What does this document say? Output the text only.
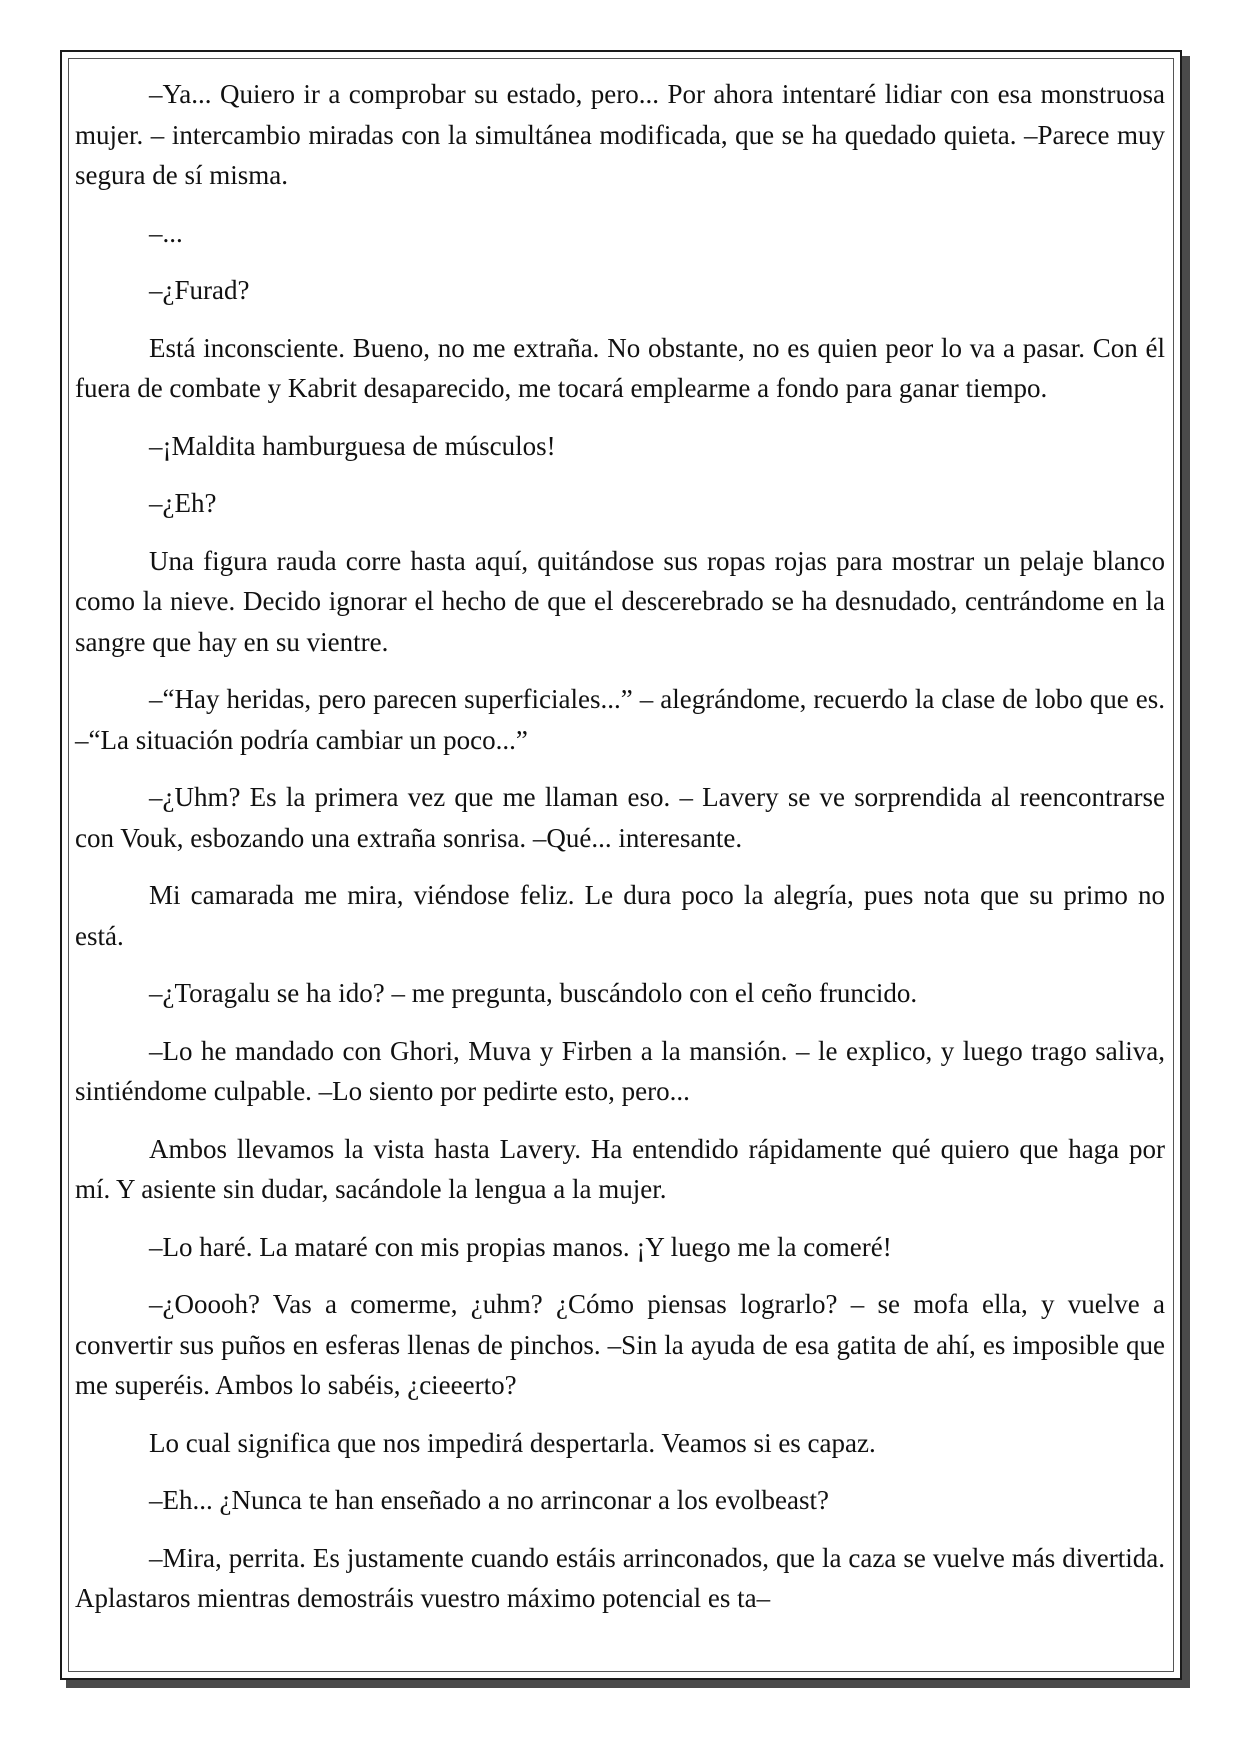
–Ya... Quiero ir a comprobar su estado, pero... Por ahora intentaré lidiar con esa monstruosa mujer. – intercambio miradas con la simultánea modificada, que se ha quedado quieta. –Parece muy segura de sí misma.

–...

–¿Furad?

Está inconsciente. Bueno, no me extraña. No obstante, no es quien peor lo va a pasar. Con él fuera de combate y Kabrit desaparecido, me tocará emplearme a fondo para ganar tiempo.

–¡Maldita hamburguesa de músculos!

–¿Eh?

Una figura rauda corre hasta aquí, quitándose sus ropas rojas para mostrar un pelaje blanco como la nieve. Decido ignorar el hecho de que el descerebrado se ha desnudado, centrándome en la sangre que hay en su vientre.

–“Hay heridas, pero parecen superficiales...” – alegrándome, recuerdo la clase de lobo que es. –“La situación podría cambiar un poco...”

–¿Uhm? Es la primera vez que me llaman eso. – Lavery se ve sorprendida al reencontrarse con Vouk, esbozando una extraña sonrisa. –Qué... interesante.

Mi camarada me mira, viéndose feliz. Le dura poco la alegría, pues nota que su primo no está.

–¿Toragalu se ha ido? – me pregunta, buscándolo con el ceño fruncido.

–Lo he mandado con Ghori, Muva y Firben a la mansión. – le explico, y luego trago saliva, sintiéndome culpable. –Lo siento por pedirte esto, pero...

Ambos llevamos la vista hasta Lavery. Ha entendido rápidamente qué quiero que haga por mí. Y asiente sin dudar, sacándole la lengua a la mujer.

–Lo haré. La mataré con mis propias manos. ¡Y luego me la comeré!

–¿Ooooh? Vas a comerme, ¿uhm? ¿Cómo piensas lograrlo? – se mofa ella, y vuelve a convertir sus puños en esferas llenas de pinchos. –Sin la ayuda de esa gatita de ahí, es imposible que me superéis. Ambos lo sabéis, ¿cieeerto?

Lo cual significa que nos impedirá despertarla. Veamos si es capaz.

–Eh... ¿Nunca te han enseñado a no arrinconar a los evolbeast?

–Mira, perrita. Es justamente cuando estáis arrinconados, que la caza se vuelve más divertida. Aplastaros mientras demostráis vuestro máximo potencial es ta–
